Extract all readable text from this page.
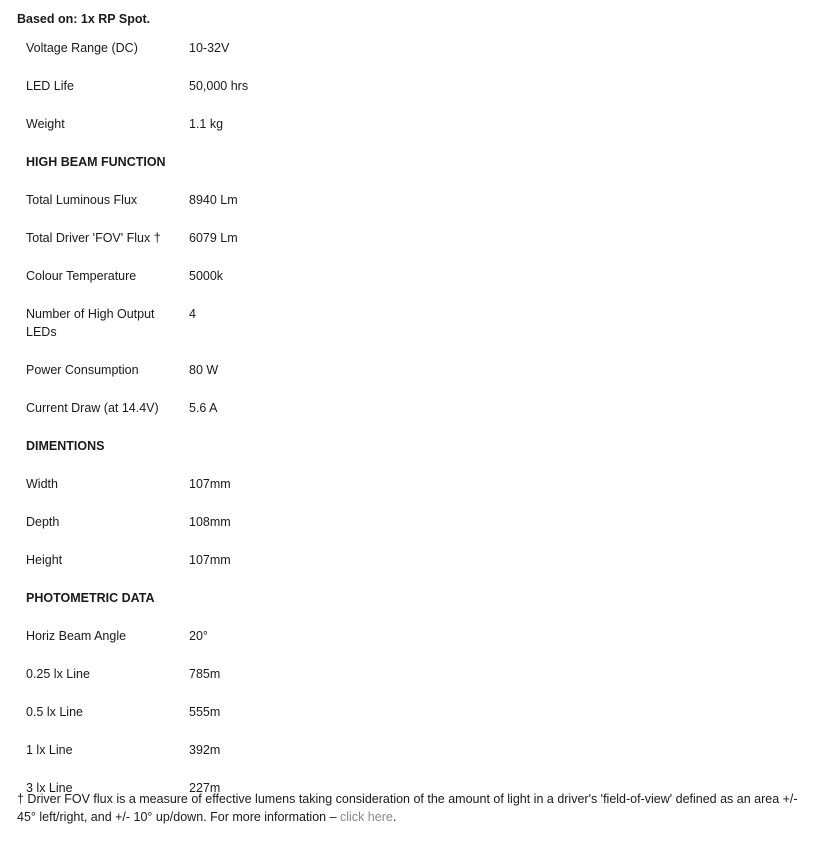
Based on: 1x RP Spot.
Voltage Range (DC)	10-32V
LED Life	50,000 hrs
Weight	1.1 kg
HIGH BEAM FUNCTION	
Total Luminous Flux	8940 Lm
Total Driver 'FOV' Flux †	6079 Lm
Colour Temperature	5000k
Number of High Output LEDs	4
Power Consumption	80 W
Current Draw (at 14.4V)	5.6 A
DIMENTIONS	
Width	107mm
Depth	108mm
Height	107mm
PHOTOMETRIC DATA	
Horiz Beam Angle	20°
0.25 lx Line	785m
0.5 lx Line	555m
1 lx Line	392m
3 lx Line	227m
† Driver FOV flux is a measure of effective lumens taking consideration of the amount of light in a driver's 'field-of-view' defined as an area +/- 45° left/right, and +/- 10° up/down. For more information – click here.
